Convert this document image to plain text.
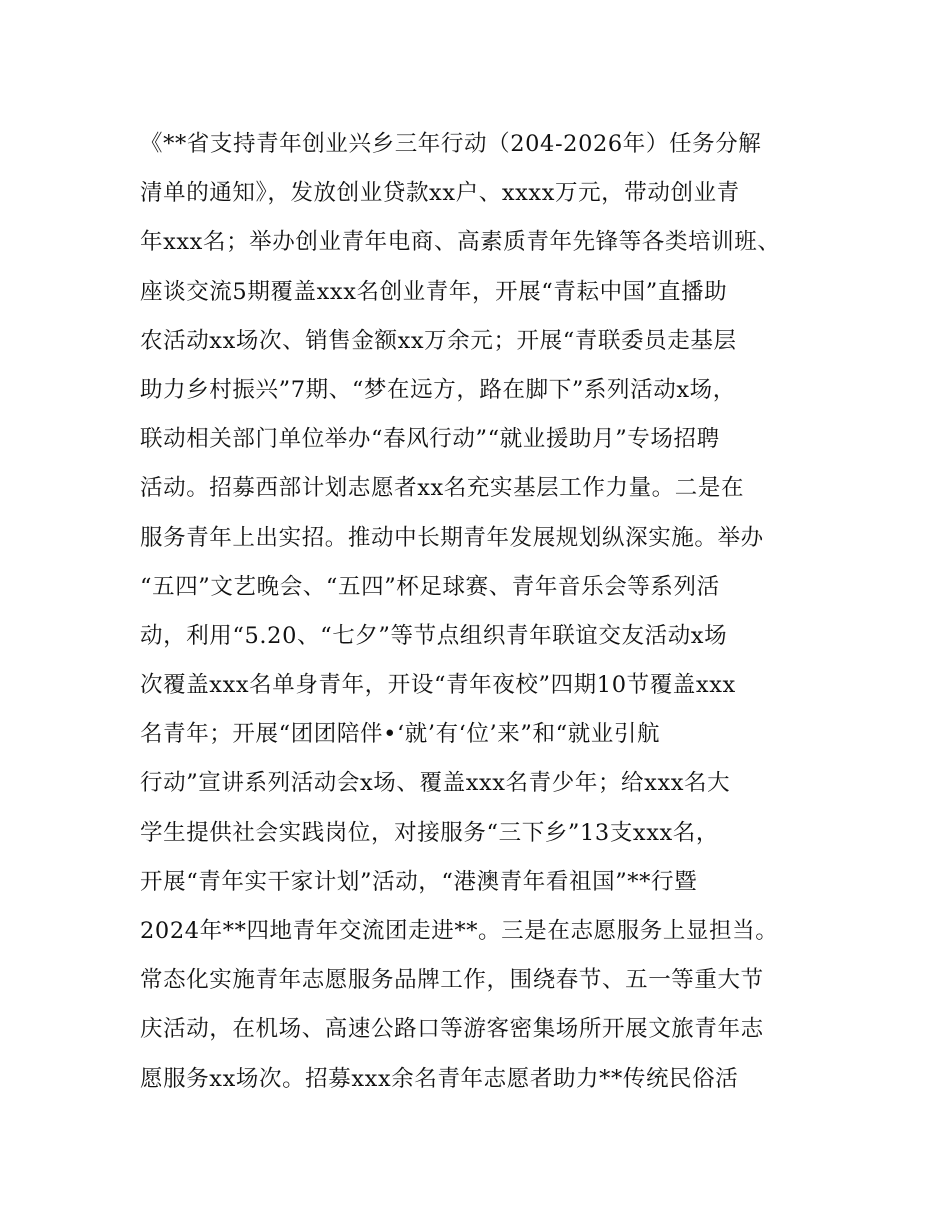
《**省支持青年创业兴乡三年行动（204-2026年）任务分解
清单的通知》，发放创业贷款xx户、xxxx万元，带动创业青
年xxx名；举办创业青年电商、高素质青年先锋等各类培训班、
座谈交流5期覆盖xxx名创业青年，开展“青耘中国”直播助
农活动xx场次、销售金额xx万余元；开展“青联委员走基层
助力乡村振兴”7期、“梦在远方，路在脚下”系列活动x场，
联动相关部门单位举办“春风行动”“就业援助月”专场招聘
活动。招募西部计划志愿者xx名充实基层工作力量。二是在
服务青年上出实招。推动中长期青年发展规划纵深实施。举办
“五四”文艺晚会、“五四”杯足球赛、青年音乐会等系列活
动，利用“5.20、“七夕”等节点组织青年联谊交友活动x场
次覆盖xxx名单身青年，开设“青年夜校”四期10节覆盖xxx
名青年；开展“团团陪伴•‘就’有‘位’来”和“就业引航
行动”宣讲系列活动会x场、覆盖xxx名青少年；给xxx名大
学生提供社会实践岗位，对接服务“三下乡”13支xxx名，
开展“青年实干家计划”活动，“港澳青年看祖国”**行暨
2024年**四地青年交流团走进**。三是在志愿服务上显担当。
常态化实施青年志愿服务品牌工作，围绕春节、五一等重大节
庆活动，在机场、高速公路口等游客密集场所开展文旅青年志
愿服务xx场次。招募xxx余名青年志愿者助力**传统民俗活
